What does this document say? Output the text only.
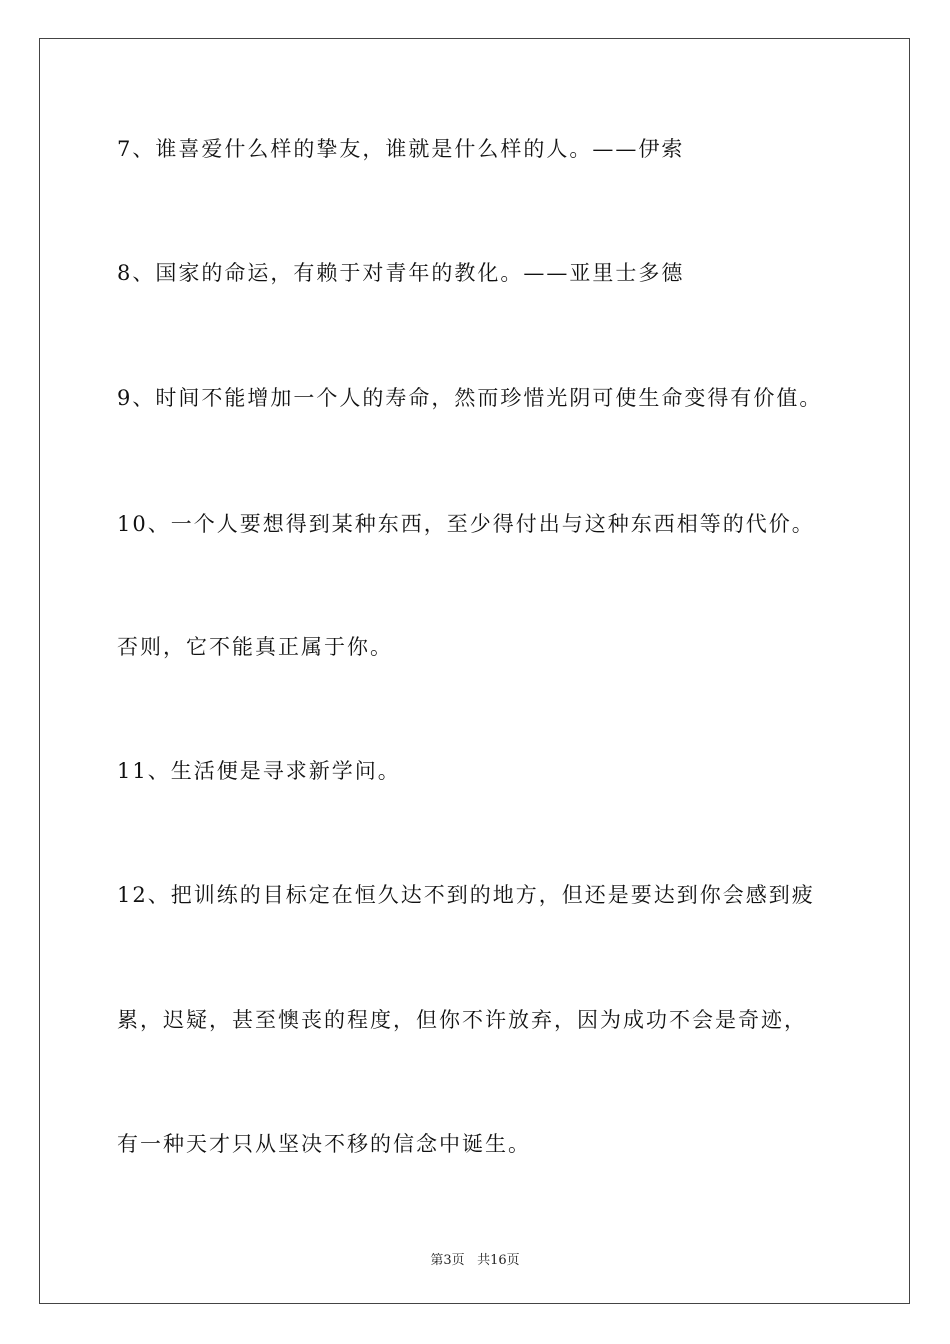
7、谁喜爱什么样的挚友，谁就是什么样的人。——伊索
8、国家的命运，有赖于对青年的教化。——亚里士多德
9、时间不能增加一个人的寿命，然而珍惜光阴可使生命变得有价值。
10、一个人要想得到某种东西，至少得付出与这种东西相等的代价。
否则，它不能真正属于你。
11、生活便是寻求新学问。
12、把训练的目标定在恒久达不到的地方，但还是要达到你会感到疲
累，迟疑，甚至懊丧的程度，但你不许放弃，因为成功不会是奇迹，
有一种天才只从坚决不移的信念中诞生。
第3页 共16页
